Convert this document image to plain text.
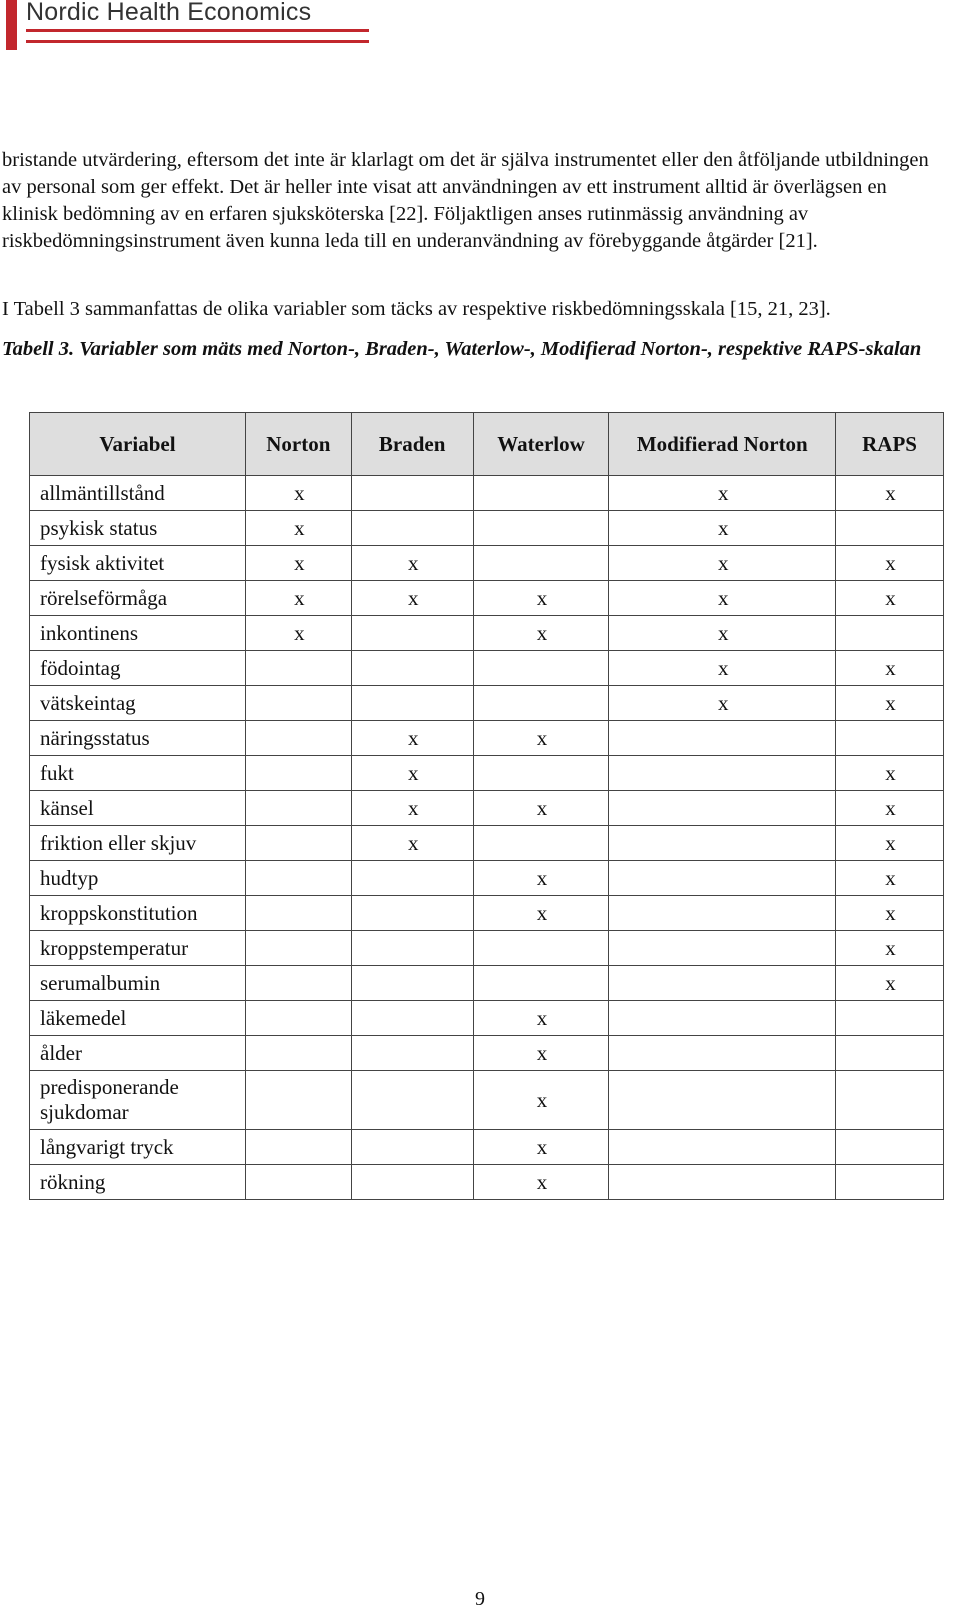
Nordic Health Economics
bristande utvärdering, eftersom det inte är klarlagt om det är själva instrumentet eller den åtföljande utbildningen av personal som ger effekt. Det är heller inte visat att användningen av ett instrument alltid är överlägsen en klinisk bedömning av en erfaren sjuksköterska [22]. Följaktligen anses rutinmässig användning av riskbedömningsinstrument även kunna leda till en underanvändning av förebyggande åtgärder [21].
I Tabell 3 sammanfattas de olika variabler som täcks av respektive riskbedömningsskala [15, 21, 23].
Tabell 3. Variabler som mäts med Norton-, Braden-, Waterlow-, Modifierad Norton-, respektive RAPS-skalan
Variabel	Norton	Braden	Waterlow	Modifierad Norton	RAPS
allmäntillstånd	x			x	x
psykisk status	x			x	
fysisk aktivitet	x	x		x	x
rörelseförmåga	x	x	x	x	x
inkontinens	x		x	x	
födointag				x	x
vätskeintag				x	x
näringsstatus		x	x		
fukt		x			x
känsel		x	x		x
friktion eller skjuv		x			x
hudtyp			x		x
kroppskonstitution			x		x
kroppstemperatur					x
serumalbumin					x
läkemedel			x		
ålder			x		
predisponerande sjukdomar			x		
långvarigt tryck			x		
rökning			x		
9
